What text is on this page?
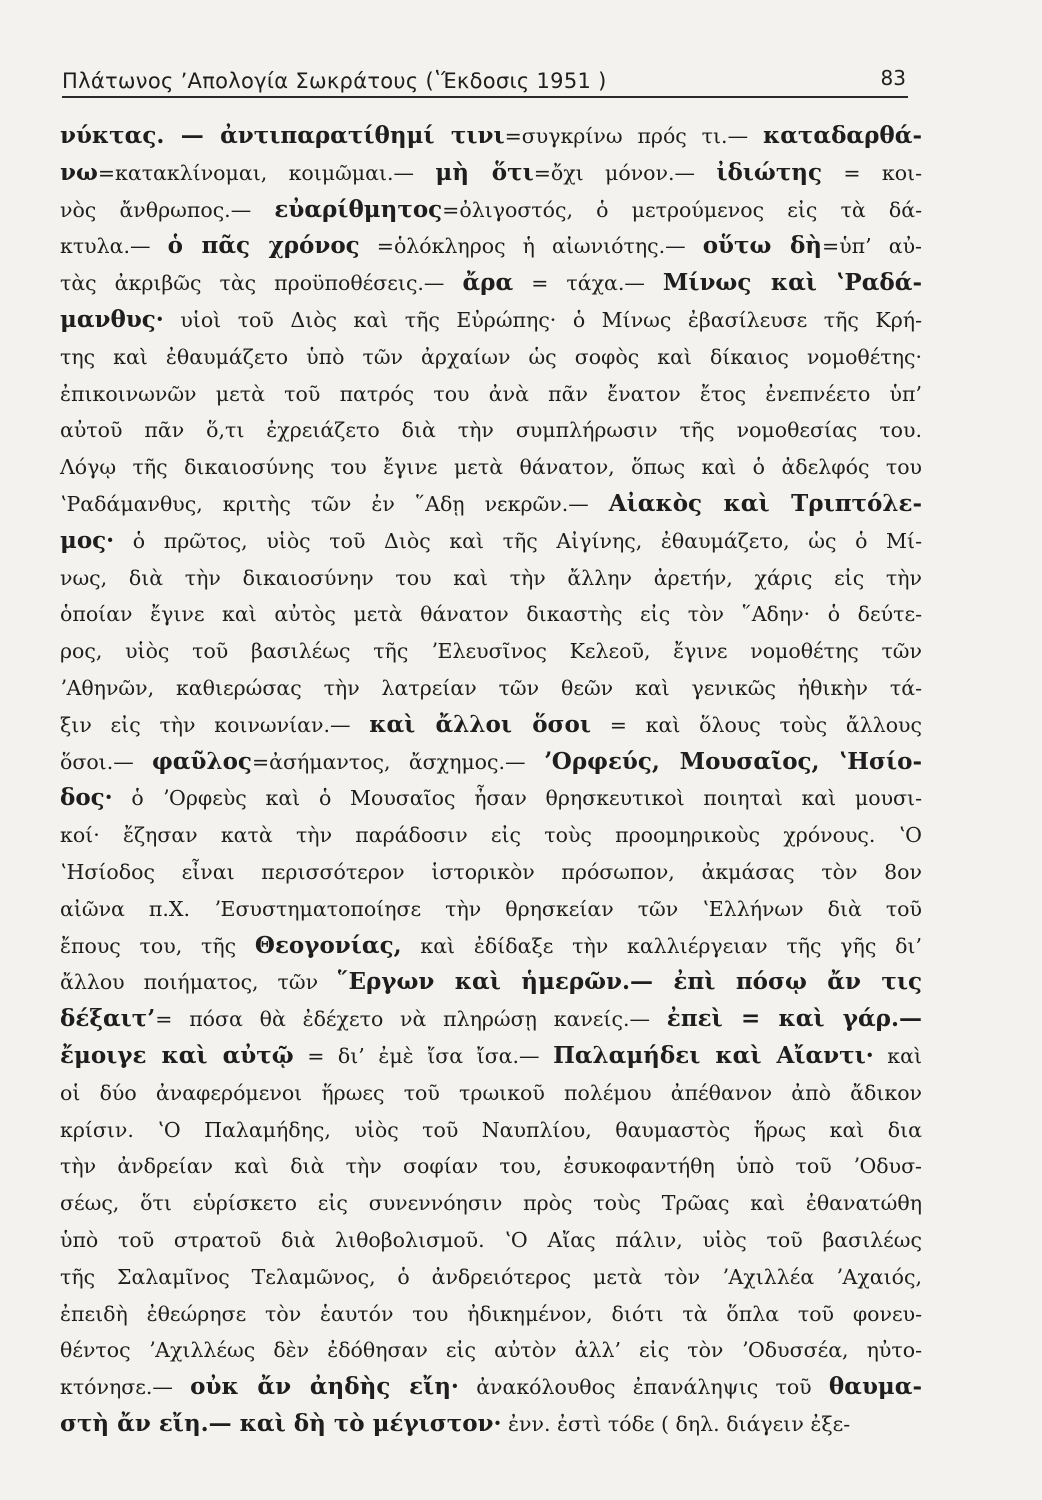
Πλάτωνος ʼΑπολογία Σωκράτους (ʽΈκδοσις 1951 )	83
νύκτας. — ἀντιπαρατίθημί τινι=συγκρίνω πρός τι.— καταδαρθά-
νω=κατακλίνομαι, κοιμῶμαι.— μὴ ὅτι=ὄχι μόνον.— ἰδιώτης = κοι-
νὸς ἄνθρωπος.— εὐαρίθμητος=ὀλιγοστός, ὁ μετρούμενος εἰς τὰ δά-
κτυλα.— ὁ πᾶς χρόνος =ὁλόκληρος ἡ αἰωνιότης.— οὕτω δὴ=ὑπ’ αὐ-
τὰς ἀκριβῶς τὰς προϋποθέσεις.— ἄρα = τάχα.— Μίνως καὶ ʽΡαδά-
μανθυς· υἱοὶ τοῦ Διὸς καὶ τῆς Εὐρώπης· ὁ Μίνως ἐβασίλευσε τῆς Κρή-
της καὶ ἐθαυμάζετο ὑπὸ τῶν ἀρχαίων ὡς σοφὸς καὶ δίκαιος νομοθέτης·
ἐπικοινωνῶν μετὰ τοῦ πατρός του ἀνὰ πᾶν ἔνατον ἔτος ἐνεπνέετο ὑπ’
αὐτοῦ πᾶν ὅ,τι ἐχρειάζετο διὰ τὴν συμπλήρωσιν τῆς νομοθεσίας του.
Λόγῳ τῆς δικαιοσύνης του ἔγινε μετὰ θάνατον, ὅπως καὶ ὁ ἀδελφός του
ʽΡαδάμανθυς, κριτὴς τῶν ἐν ῞Αδῃ νεκρῶν.— Αἰακὸς καὶ Τριπτόλε-
μος· ὁ πρῶτος, υἱὸς τοῦ Διὸς καὶ τῆς Αἰγίνης, ἐθαυμάζετο, ὡς ὁ Μί-
νως, διὰ τὴν δικαιοσύνην του καὶ τὴν ἄλλην ἀρετήν, χάρις εἰς τὴν
ὁποίαν ἔγινε καὶ αὐτὸς μετὰ θάνατον δικαστὴς εἰς τὸν ῞Αδην· ὁ δεύτε-
ρος, υἱὸς τοῦ βασιλέως τῆς ʼΕλευσῖνος Κελεοῦ, ἔγινε νομοθέτης τῶν
ʼΑθηνῶν, καθιερώσας τὴν λατρείαν τῶν θεῶν καὶ γενικῶς ἠθικὴν τά-
ξιν εἰς τὴν κοινωνίαν.— καὶ ἄλλοι ὅσοι = καὶ ὅλους τοὺς ἄλλους
ὅσοι.— φαῦλος=ἀσήμαντος, ἄσχημος.— ʼΟρφεύς, Μουσαῖος, ʽΗσίο-
δος· ὁ ʼΟρφεὺς καὶ ὁ Μουσαῖος ἦσαν θρησκευτικοὶ ποιηταὶ καὶ μουσι-
κοί· ἔζησαν κατὰ τὴν παράδοσιν εἰς τοὺς προομηρικοὺς χρόνους. ʽΟ
ʽΗσίοδος εἶναι περισσότερον ἱστορικὸν πρόσωπον, ἀκμάσας τὸν 8ον
αἰῶνα π.Χ. ʼΕσυστηματοποίησε τὴν θρησκείαν τῶν ʽΕλλήνων διὰ τοῦ
ἔπους του, τῆς Θεογονίας, καὶ ἐδίδαξε τὴν καλλιέργειαν τῆς γῆς δι’
ἄλλου ποιήματος, τῶν ῞Εργων καὶ ἡμερῶν.— ἐπὶ πόσῳ ἄν τις
δέξαιτ’= πόσα θὰ ἐδέχετο νὰ πληρώσῃ κανείς.— ἐπεὶ = καὶ γάρ.—
ἔμοιγε καὶ αὐτῷ = δι’ ἐμὲ ἴσα ἴσα.— Παλαμήδει καὶ Αἴαντι· καὶ
οἱ δύο ἀναφερόμενοι ἥρωες τοῦ τρωικοῦ πολέμου ἀπέθανον ἀπὸ ἄδικον
κρίσιν. ʽΟ Παλαμήδης, υἱὸς τοῦ Ναυπλίου, θαυμαστὸς ἥρως καὶ δια
τὴν ἀνδρείαν καὶ διὰ τὴν σοφίαν του, ἐσυκοφαντήθη ὑπὸ τοῦ ʼΟδυσ-
σέως, ὅτι εὑρίσκετο εἰς συνεννόησιν πρὸς τοὺς Τρῶας καὶ ἐθανατώθη
ὑπὸ τοῦ στρατοῦ διὰ λιθοβολισμοῦ. ʽΟ Αἴας πάλιν, υἱὸς τοῦ βασιλέως
τῆς Σαλαμῖνος Τελαμῶνος, ὁ ἀνδρειότερος μετὰ τὸν ʼΑχιλλέα ʼΑχαιός,
ἐπειδὴ ἐθεώρησε τὸν ἑαυτόν του ἠδικημένον, διότι τὰ ὅπλα τοῦ φονευ-
θέντος ʼΑχιλλέως δὲν ἐδόθησαν εἰς αὐτὸν ἀλλ’ εἰς τὸν ʼΟδυσσέα, ηὐτο-
κτόνησε.— οὐκ ἄν ἀηδὴς εἴη· ἀνακόλουθος ἐπανάληψις τοῦ θαυμα-
στὴ ἄν εἴη.— καὶ δὴ τὸ μέγιστον· ἐνν. ἐστὶ τόδε ( δηλ. διάγειν ἐξε-
